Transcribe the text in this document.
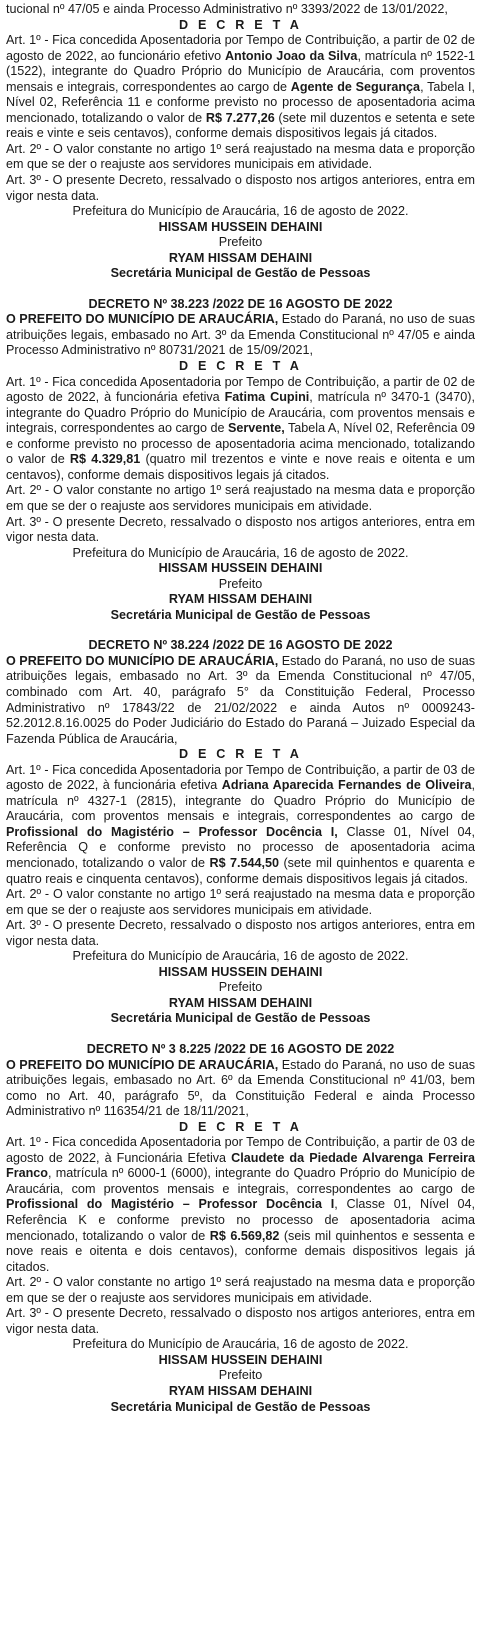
tucional nº 47/05 e ainda Processo Administrativo nº 3393/2022 de 13/01/2022,

D E C R E T A

Art. 1º - Fica concedida Aposentadoria por Tempo de Contribuição, a partir de 02 de agosto de 2022, ao funcionário efetivo Antonio Joao da Silva, matrícula nº 1522-1 (1522), integrante do Quadro Próprio do Município de Araucária, com proventos mensais e integrais, correspondentes ao cargo de Agente de Segurança, Tabela I, Nível 02, Referência 11 e conforme previsto no processo de aposentadoria acima mencionado, totalizando o valor de R$ 7.277,26 (sete mil duzentos e setenta e sete reais e vinte e seis centavos), conforme demais dispositivos legais já citados.

Art. 2º - O valor constante no artigo 1º será reajustado na mesma data e proporção em que se der o reajuste aos servidores municipais em atividade.

Art. 3º - O presente Decreto, ressalvado o disposto nos artigos anteriores, entra em vigor nesta data.

Prefeitura do Município de Araucária, 16 de agosto de 2022.

HISSAM HUSSEIN DEHAINI

Prefeito

RYAM HISSAM DEHAINI

Secretária Municipal de Gestão de Pessoas

DECRETO Nº 38.223 /2022 DE 16 AGOSTO DE 2022

O PREFEITO DO MUNICÍPIO DE ARAUCÁRIA, Estado do Paraná, no uso de suas atribuições legais, embasado no Art. 3º da Emenda Constitucional nº 47/05 e ainda Processo Administrativo nº 80731/2021 de 15/09/2021,

D E C R E T A

Art. 1º - Fica concedida Aposentadoria por Tempo de Contribuição, a partir de 02 de agosto de 2022, à funcionária efetiva Fatima Cupini, matrícula nº 3470-1 (3470), integrante do Quadro Próprio do Município de Araucária, com proventos mensais e integrais, correspondentes ao cargo de Servente, Tabela A, Nível 02, Referência 09 e conforme previsto no processo de aposentadoria acima mencionado, totalizando o valor de R$ 4.329,81 (quatro mil trezentos e vinte e nove reais e oitenta e um centavos), conforme demais dispositivos legais já citados.

Art. 2º - O valor constante no artigo 1º será reajustado na mesma data e proporção em que se der o reajuste aos servidores municipais em atividade.

Art. 3º - O presente Decreto, ressalvado o disposto nos artigos anteriores, entra em vigor nesta data.

Prefeitura do Município de Araucária, 16 de agosto de 2022.

HISSAM HUSSEIN DEHAINI

Prefeito

RYAM HISSAM DEHAINI

Secretária Municipal de Gestão de Pessoas

DECRETO Nº 38.224 /2022 DE 16 AGOSTO DE 2022

O PREFEITO DO MUNICÍPIO DE ARAUCÁRIA, Estado do Paraná, no uso de suas atribuições legais, embasado no Art. 3º da Emenda Constitucional nº 47/05, combinado com Art. 40, parágrafo 5° da Constituição Federal, Processo Administrativo nº 17843/22 de 21/02/2022 e ainda Autos nº 0009243-52.2012.8.16.0025 do Poder Judiciário do Estado do Paraná – Juizado Especial da Fazenda Pública de Araucária,

D E C R E T A

Art. 1º - Fica concedida Aposentadoria por Tempo de Contribuição, a partir de 03 de agosto de 2022, à funcionária efetiva Adriana Aparecida Fernandes de Oliveira, matrícula nº 4327-1 (2815), integrante do Quadro Próprio do Município de Araucária, com proventos mensais e integrais, correspondentes ao cargo de Profissional do Magistério – Professor Docência I, Classe 01, Nível 04, Referência Q e conforme previsto no processo de aposentadoria acima mencionado, totalizando o valor de R$ 7.544,50 (sete mil quinhentos e quarenta e quatro reais e cinquenta centavos), conforme demais dispositivos legais já citados.

Art. 2º - O valor constante no artigo 1º será reajustado na mesma data e proporção em que se der o reajuste aos servidores municipais em atividade.

Art. 3º - O presente Decreto, ressalvado o disposto nos artigos anteriores, entra em vigor nesta data.

Prefeitura do Município de Araucária, 16 de agosto de 2022.

HISSAM HUSSEIN DEHAINI

Prefeito

RYAM HISSAM DEHAINI

Secretária Municipal de Gestão de Pessoas

DECRETO Nº 3 8.225 /2022 DE 16 AGOSTO DE 2022

O PREFEITO DO MUNICÍPIO DE ARAUCÁRIA, Estado do Paraná, no uso de suas atribuições legais, embasado no Art. 6º da Emenda Constitucional nº 41/03, bem como no Art. 40, parágrafo 5º, da Constituição Federal e ainda Processo Administrativo nº 116354/21 de 18/11/2021,

D E C R E T A

Art. 1º - Fica concedida Aposentadoria por Tempo de Contribuição, a partir de 03 de agosto de 2022, à Funcionária Efetiva Claudete da Piedade Alvarenga Ferreira Franco, matrícula nº 6000-1 (6000), integrante do Quadro Próprio do Município de Araucária, com proventos mensais e integrais, correspondentes ao cargo de Profissional do Magistério – Professor Docência I, Classe 01, Nível 04, Referência K e conforme previsto no processo de aposentadoria acima mencionado, totalizando o valor de R$ 6.569,82 (seis mil quinhentos e sessenta e nove reais e oitenta e dois centavos), conforme demais dispositivos legais já citados.

Art. 2º - O valor constante no artigo 1º será reajustado na mesma data e proporção em que se der o reajuste aos servidores municipais em atividade.

Art. 3º - O presente Decreto, ressalvado o disposto nos artigos anteriores, entra em vigor nesta data.

Prefeitura do Município de Araucária, 16 de agosto de 2022.

HISSAM HUSSEIN DEHAINI

Prefeito

RYAM HISSAM DEHAINI

Secretária Municipal de Gestão de Pessoas
